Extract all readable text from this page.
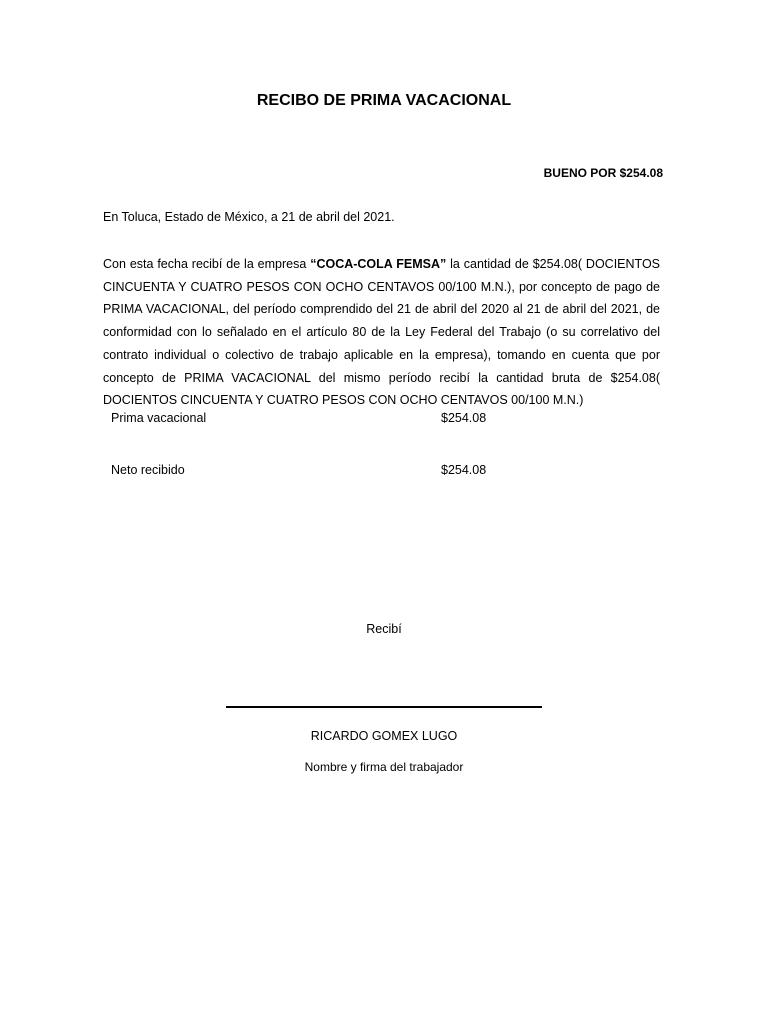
RECIBO DE PRIMA VACACIONAL
BUENO POR $254.08
En Toluca, Estado de México, a 21 de abril del 2021.
Con esta fecha recibí de la empresa “COCA-COLA FEMSA” la cantidad de $254.08( DOCIENTOS CINCUENTA Y CUATRO PESOS CON OCHO CENTAVOS 00/100 M.N.), por concepto de pago de PRIMA VACACIONAL, del período comprendido del 21 de abril del 2020 al 21 de abril del 2021, de conformidad con lo señalado en el artículo 80 de la Ley Federal del Trabajo (o su correlativo del contrato individual o colectivo de trabajo aplicable en la empresa), tomando en cuenta que por concepto de PRIMA VACACIONAL del mismo período recibí la cantidad bruta de $254.08( DOCIENTOS CINCUENTA Y CUATRO PESOS CON OCHO CENTAVOS 00/100 M.N.)
Prima vacacional	$254.08
Neto recibido	$254.08
Recibí
RICARDO GOMEX LUGO
Nombre y firma del trabajador
